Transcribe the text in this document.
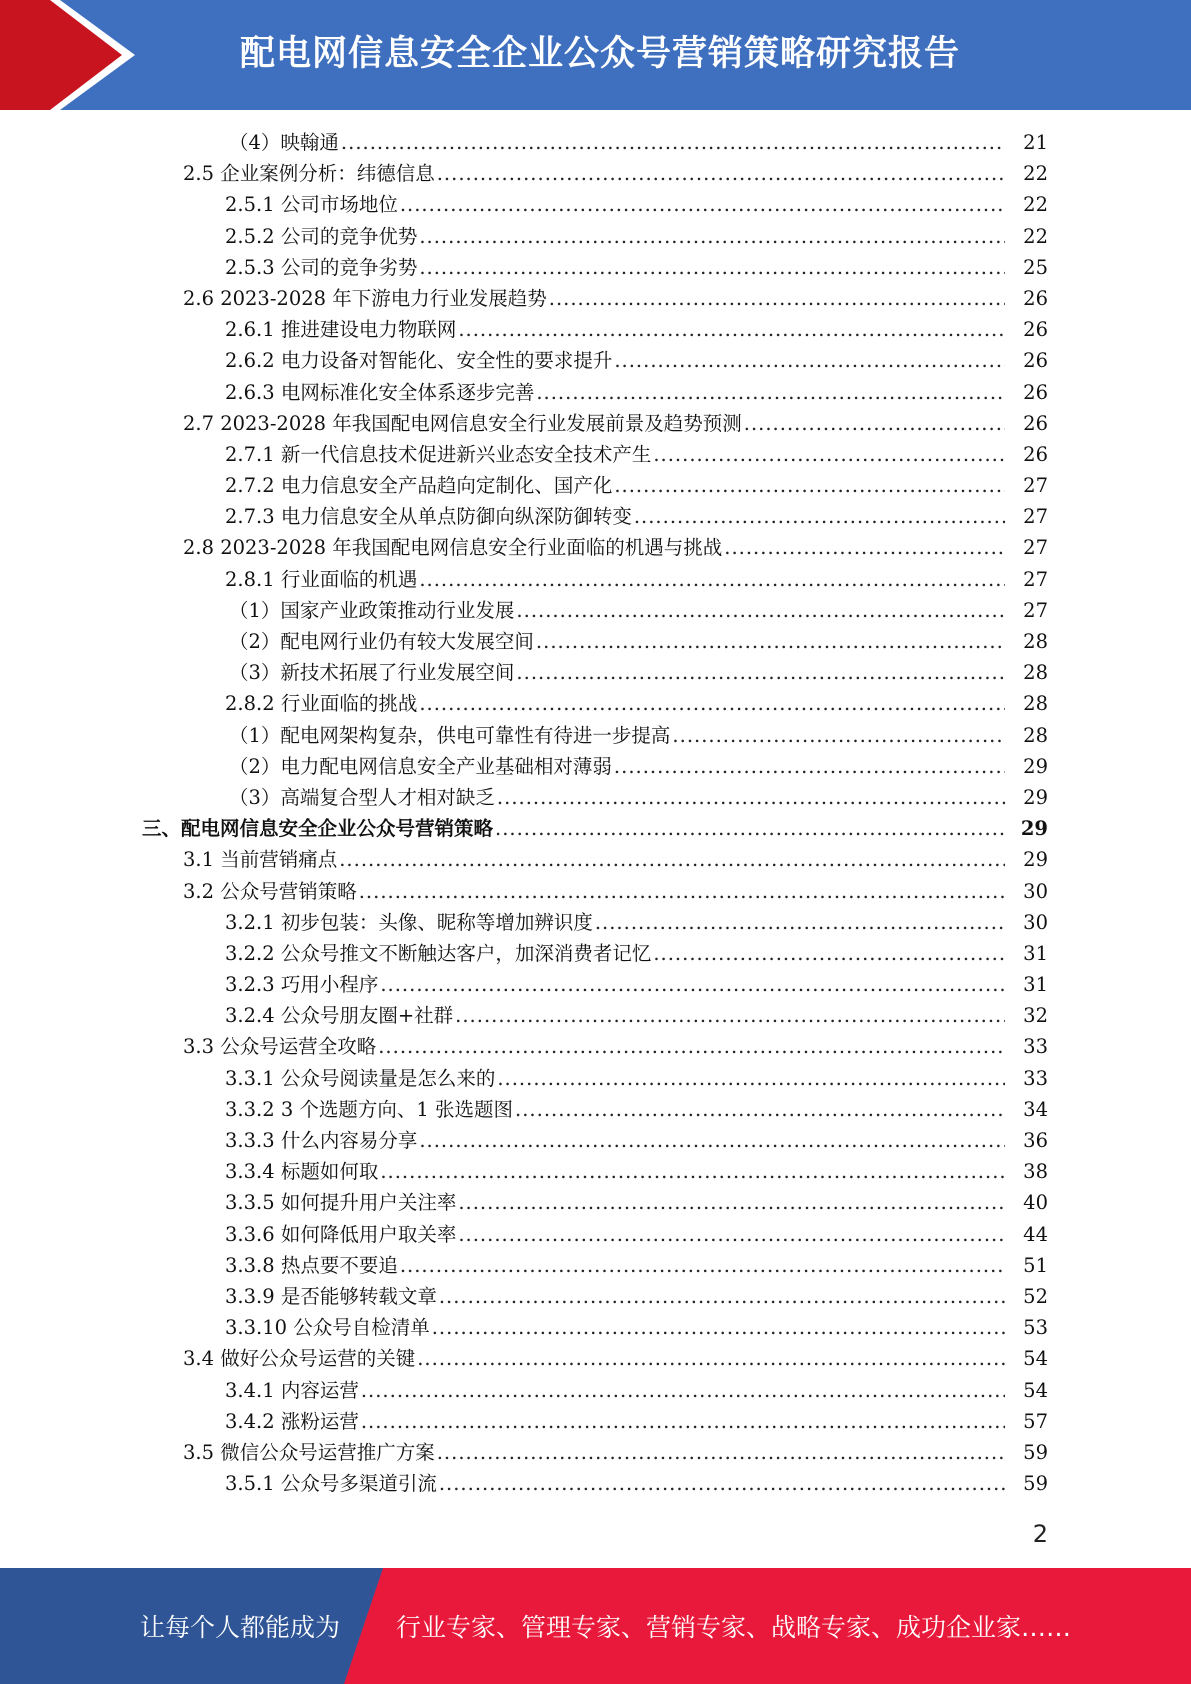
配电网信息安全企业公众号营销策略研究报告
（4）映翰通 .....	21
2.5 企业案例分析：纬德信息 .....	22
2.5.1 公司市场地位 .....	22
2.5.2 公司的竞争优势 .....	22
2.5.3 公司的竞争劣势 .....	25
2.6 2023-2028 年下游电力行业发展趋势 .....	26
2.6.1 推进建设电力物联网 .....	26
2.6.2 电力设备对智能化、安全性的要求提升 .....	26
2.6.3 电网标准化安全体系逐步完善 .....	26
2.7 2023-2028 年我国配电网信息安全行业发展前景及趋势预测 .....	26
2.7.1 新一代信息技术促进新兴业态安全技术产生 .....	26
2.7.2 电力信息安全产品趋向定制化、国产化 .....	27
2.7.3 电力信息安全从单点防御向纵深防御转变 .....	27
2.8 2023-2028 年我国配电网信息安全行业面临的机遇与挑战 .....	27
2.8.1 行业面临的机遇 .....	27
（1）国家产业政策推动行业发展 .....	27
（2）配电网行业仍有较大发展空间 .....	28
（3）新技术拓展了行业发展空间 .....	28
2.8.2 行业面临的挑战 .....	28
（1）配电网架构复杂，供电可靠性有待进一步提高 .....	28
（2）电力配电网信息安全产业基础相对薄弱 .....	29
（3）高端复合型人才相对缺乏 .....	29
三、配电网信息安全企业公众号营销策略 .....	29
3.1 当前营销痛点 .....	29
3.2 公众号营销策略 .....	30
3.2.1 初步包装：头像、昵称等增加辨识度 .....	30
3.2.2 公众号推文不断触达客户，加深消费者记忆 .....	31
3.2.3 巧用小程序 .....	31
3.2.4 公众号朋友圈+社群 .....	32
3.3 公众号运营全攻略 .....	33
3.3.1 公众号阅读量是怎么来的 .....	33
3.3.2 3 个选题方向、1 张选题图 .....	34
3.3.3 什么内容易分享 .....	36
3.3.4 标题如何取 .....	38
3.3.5 如何提升用户关注率 .....	40
3.3.6 如何降低用户取关率 .....	44
3.3.8 热点要不要追 .....	51
3.3.9 是否能够转载文章 .....	52
3.3.10 公众号自检清单 .....	53
3.4 做好公众号运营的关键 .....	54
3.4.1 内容运营 .....	54
3.4.2 涨粉运营 .....	57
3.5 微信公众号运营推广方案 .....	59
3.5.1 公众号多渠道引流 .....	59
2
让每个人都能成为 行业专家、管理专家、营销专家、战略专家、成功企业家……
